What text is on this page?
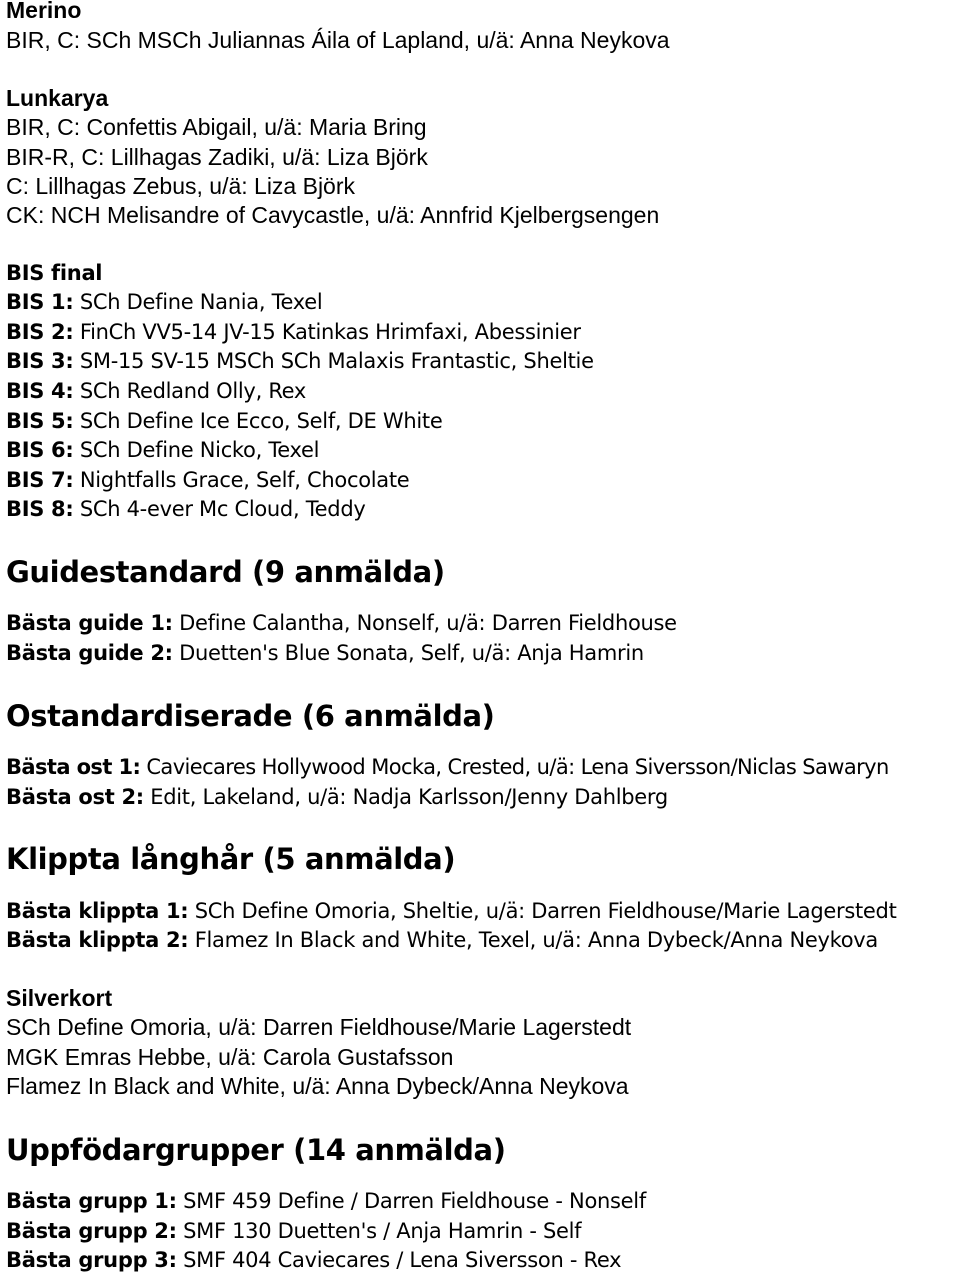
Merino
BIR, C: SCh MSCh Juliannas Áila of Lapland, u/ä: Anna Neykova
Lunkarya
BIR, C: Confettis Abigail, u/ä: Maria Bring
BIR-R, C: Lillhagas Zadiki, u/ä: Liza Björk
C: Lillhagas Zebus, u/ä: Liza Björk
CK: NCH Melisandre of Cavycastle, u/ä: Annfrid Kjelbergsengen
BIS final
BIS 1: SCh Define Nania, Texel
BIS 2: FinCh VV5-14 JV-15 Katinkas Hrimfaxi, Abessinier
BIS 3: SM-15 SV-15 MSCh SCh Malaxis Frantastic, Sheltie
BIS 4: SCh Redland Olly, Rex
BIS 5: SCh Define Ice Ecco, Self, DE White
BIS 6: SCh Define Nicko, Texel
BIS 7: Nightfalls Grace, Self, Chocolate
BIS 8: SCh 4-ever Mc Cloud, Teddy
Guidestandard (9 anmälda)
Bästa guide 1: Define Calantha, Nonself, u/ä: Darren Fieldhouse
Bästa guide 2: Duetten's Blue Sonata, Self, u/ä: Anja Hamrin
Ostandardiserade (6 anmälda)
Bästa ost 1: Caviecares Hollywood Mocka, Crested, u/ä: Lena Siversson/Niclas Sawaryn
Bästa ost 2: Edit, Lakeland, u/ä: Nadja Karlsson/Jenny Dahlberg
Klippta långhår (5 anmälda)
Bästa klippta 1: SCh Define Omoria, Sheltie, u/ä: Darren Fieldhouse/Marie Lagerstedt
Bästa klippta 2: Flamez In Black and White, Texel, u/ä: Anna Dybeck/Anna Neykova
Silverkort
SCh Define Omoria, u/ä: Darren Fieldhouse/Marie Lagerstedt
MGK Emras Hebbe, u/ä: Carola Gustafsson
Flamez In Black and White, u/ä: Anna Dybeck/Anna Neykova
Uppfödargrupper (14 anmälda)
Bästa grupp 1: SMF 459 Define / Darren Fieldhouse - Nonself
Bästa grupp 2: SMF 130 Duetten's / Anja Hamrin - Self
Bästa grupp 3: SMF 404 Caviecares / Lena Siversson - Rex
